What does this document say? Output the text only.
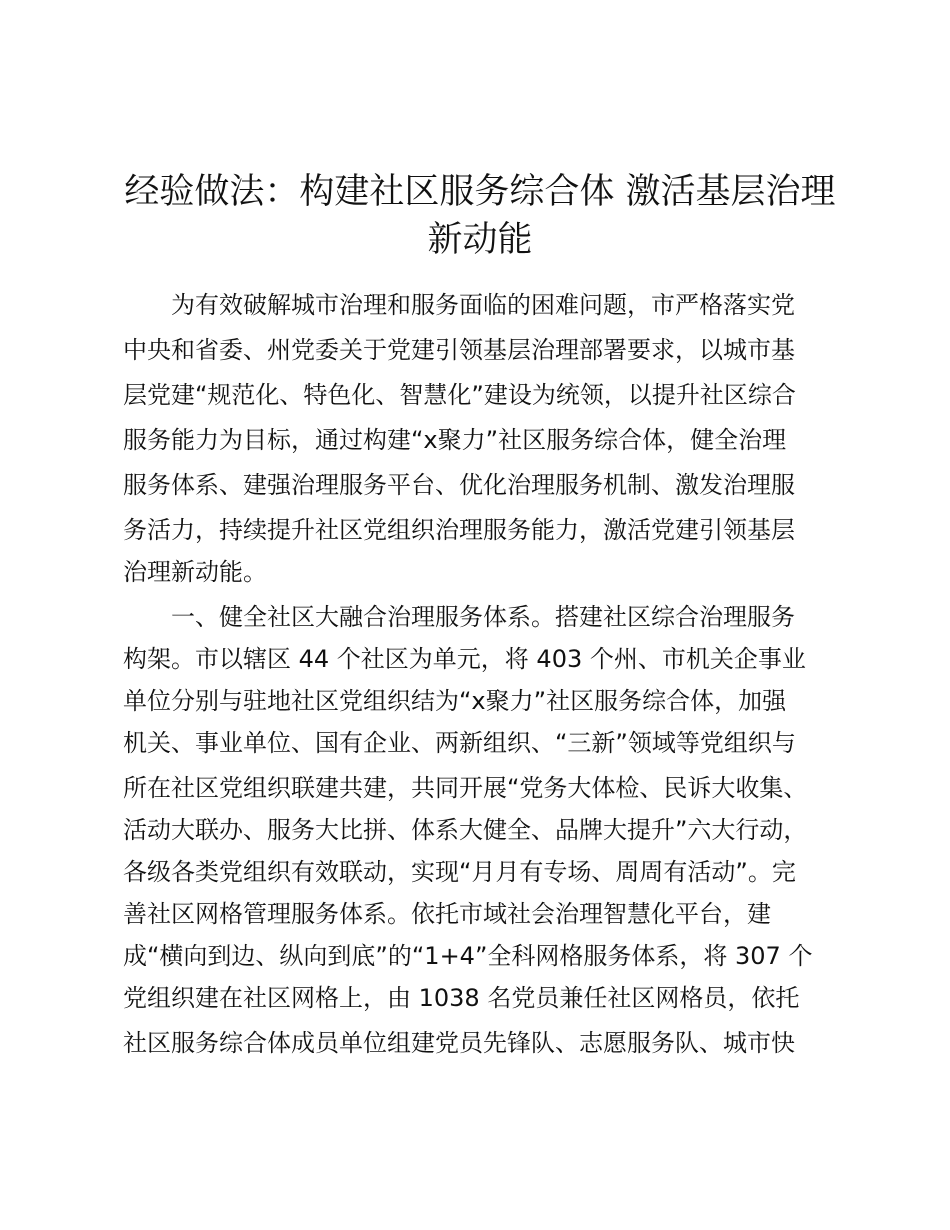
经验做法：构建社区服务综合体 激活基层治理
新动能
为有效破解城市治理和服务面临的困难问题，市严格落实党
中央和省委、州党委关于党建引领基层治理部署要求，以城市基
层党建“规范化、特色化、智慧化”建设为统领，以提升社区综合
服务能力为目标，通过构建“x聚力”社区服务综合体，健全治理
服务体系、建强治理服务平台、优化治理服务机制、激发治理服
务活力，持续提升社区党组织治理服务能力，激活党建引领基层
治理新动能。
一、健全社区大融合治理服务体系。搭建社区综合治理服务
构架。市以辖区 44 个社区为单元，将 403 个州、市机关企事业
单位分别与驻地社区党组织结为“x聚力”社区服务综合体，加强
机关、事业单位、国有企业、两新组织、“三新”领域等党组织与
所在社区党组织联建共建，共同开展“党务大体检、民诉大收集、
活动大联办、服务大比拼、体系大健全、品牌大提升”六大行动，
各级各类党组织有效联动，实现“月月有专场、周周有活动”。完
善社区网格管理服务体系。依托市域社会治理智慧化平台，建
成“横向到边、纵向到底”的“1+4”全科网格服务体系，将 307 个
党组织建在社区网格上，由 1038 名党员兼任社区网格员，依托
社区服务综合体成员单位组建党员先锋队、志愿服务队、城市快
